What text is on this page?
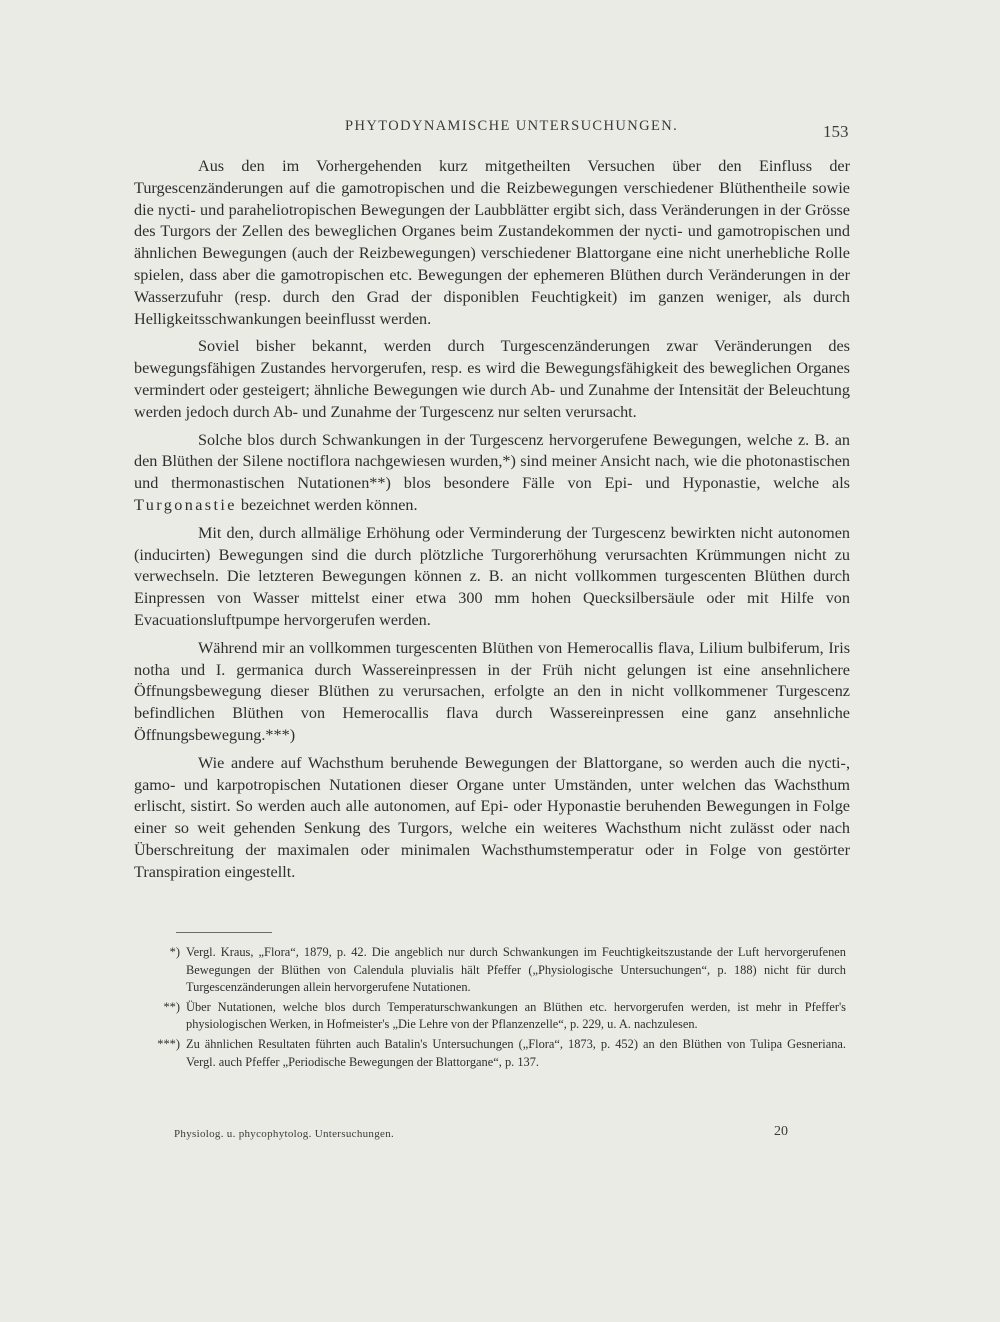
PHYTODYNAMISCHE UNTERSUCHUNGEN.	153

Aus den im Vorhergehenden kurz mitgetheilten Versuchen über den Einfluss der Turgescenzänderungen auf die gamotropischen und die Reizbewegungen verschiedener Blüthentheile sowie die nycti- und paraheliotropischen Bewegungen der Laubblätter ergibt sich, dass Veränderungen in der Grösse des Turgors der Zellen des beweglichen Organes beim Zustandekommen der nycti- und gamotropischen und ähnlichen Bewegungen (auch der Reizbewegungen) verschiedener Blattorgane eine nicht unerhebliche Rolle spielen, dass aber die gamotropischen etc. Bewegungen der ephemeren Blüthen durch Veränderungen in der Wasserzufuhr (resp. durch den Grad der disponiblen Feuchtigkeit) im ganzen weniger, als durch Helligkeitsschwankungen beeinflusst werden.

Soviel bisher bekannt, werden durch Turgescenzänderungen zwar Veränderungen des bewegungsfähigen Zustandes hervorgerufen, resp. es wird die Bewegungsfähigkeit des beweglichen Organes vermindert oder gesteigert; ähnliche Bewegungen wie durch Ab- und Zunahme der Intensität der Beleuchtung werden jedoch durch Ab- und Zunahme der Turgescenz nur selten verursacht.

Solche blos durch Schwankungen in der Turgescenz hervorgerufene Bewegungen, welche z. B. an den Blüthen der Silene noctiflora nachgewiesen wurden,*) sind meiner Ansicht nach, wie die photonastischen und thermonastischen Nutationen**) blos besondere Fälle von Epi- und Hyponastie, welche als Turgonastie bezeichnet werden können.

Mit den, durch allmälige Erhöhung oder Verminderung der Turgescenz bewirkten nicht autonomen (inducirten) Bewegungen sind die durch plötzliche Turgorerhöhung verursachten Krümmungen nicht zu verwechseln. Die letzteren Bewegungen können z. B. an nicht vollkommen turgescenten Blüthen durch Einpressen von Wasser mittelst einer etwa 300 mm hohen Quecksilbersäule oder mit Hilfe von Evacuationsluftpumpe hervorgerufen werden.

Während mir an vollkommen turgescenten Blüthen von Hemerocallis flava, Lilium bulbiferum, Iris notha und I. germanica durch Wassereinpressen in der Früh nicht gelungen ist eine ansehnlichere Öffnungsbewegung dieser Blüthen zu verursachen, erfolgte an den in nicht vollkommener Turgescenz befindlichen Blüthen von Hemerocallis flava durch Wassereinpressen eine ganz ansehnliche Öffnungsbewegung.***)

Wie andere auf Wachsthum beruhende Bewegungen der Blattorgane, so werden auch die nycti-, gamo- und karpotropischen Nutationen dieser Organe unter Umständen, unter welchen das Wachsthum erlischt, sistirt. So werden auch alle autonomen, auf Epi- oder Hyponastie beruhenden Bewegungen in Folge einer so weit gehenden Senkung des Turgors, welche ein weiteres Wachsthum nicht zulässt oder nach Überschreitung der maximalen oder minimalen Wachsthumstemperatur oder in Folge von gestörter Transpiration eingestellt.

*) Vergl. Kraus, „Flora“, 1879, p. 42. Die angeblich nur durch Schwankungen im Feuchtigkeitszustande der Luft hervorgerufenen Bewegungen der Blüthen von Calendula pluvialis hält Pfeffer („Physiologische Untersuchungen“, p. 188) nicht für durch Turgescenzänderungen allein hervorgerufene Nutationen.
**) Über Nutationen, welche blos durch Temperaturschwankungen an Blüthen etc. hervorgerufen werden, ist mehr in Pfeffer's physiologischen Werken, in Hofmeister's „Die Lehre von der Pflanzenzelle“, p. 229, u. A. nachzulesen.
***) Zu ähnlichen Resultaten führten auch Batalin's Untersuchungen („Flora“, 1873, p. 452) an den Blüthen von Tulipa Gesneriana. Vergl. auch Pfeffer „Periodische Bewegungen der Blattorgane“, p. 137.
Physiolog. u. phycophytolog. Untersuchungen.	20
